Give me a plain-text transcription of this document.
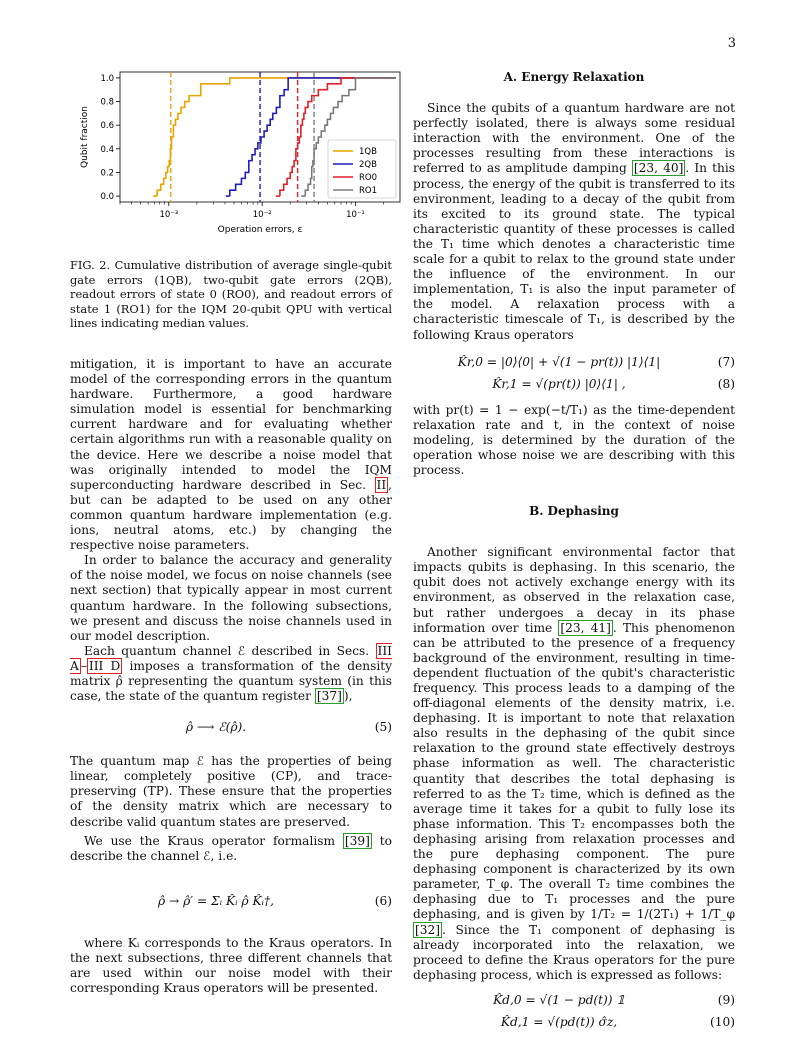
3
0.0
0.2
0.4
0.6
0.8
1.0
10⁻³	10⁻²	10⁻¹
Operation errors, ε
Qubit fraction	1QB
2QB
RO0
RO1
FIG. 2. Cumulative distribution of average single-qubit gate errors (1QB), two-qubit gate errors (2QB), readout errors of state 0 (RO0), and readout errors of state 1 (RO1) for the IQM 20-qubit QPU with vertical lines indicating median values.

mitigation, it is important to have an accurate model of the corresponding errors in the quantum hardware. Furthermore, a good hardware simulation model is essential for benchmarking current hardware and for evaluating whether certain algorithms run with a reasonable quality on the device. Here we describe a noise model that was originally intended to model the IQM superconducting hardware described in Sec. II , but can be adapted to be used on any other common quantum hardware implementation (e.g. ions, neutral atoms, etc.) by changing the respective noise parameters.

In order to balance the accuracy and generality of the noise model, we focus on noise channels (see next section) that typically appear in most current quantum hardware. In the following subsections, we present and discuss the noise channels used in our model description.

Each quantum channel ℰ described in Secs. III A – III D imposes a transformation of the density matrix ρ̂ representing the quantum system (in this case, the state of the quantum register [37] ),

ρ̂ ⟶ ℰ(ρ̂).	(5)

The quantum map ℰ has the properties of being linear, completely positive (CP), and trace-preserving (TP). These ensure that the properties of the density matrix which are necessary to describe valid quantum states are preserved.

We use the Kraus operator formalism [39] to describe the channel ℰ, i.e.

ρ̂ → ρ̂′ = Σᵢ K̂ᵢ ρ̂ K̂ᵢ†,	(6)

where Kᵢ corresponds to the Kraus operators. In the next subsections, three different channels that are used within our noise model with their corresponding Kraus operators will be presented.

A. Energy Relaxation

Since the qubits of a quantum hardware are not perfectly isolated, there is always some residual interaction with the environment. One of the processes resulting from these interactions is referred to as amplitude damping [23, 40] . In this process, the energy of the qubit is transferred to its environment, leading to a decay of the qubit from its excited to its ground state. The typical characteristic quantity of these processes is called the T₁ time which denotes a characteristic time scale for a qubit to relax to the ground state under the influence of the environment. In our implementation, T₁ is also the input parameter of the model. A relaxation process with a characteristic timescale of T₁, is described by the following Kraus operators

K̂r,0 = |0⟩⟨0| + √(1 − pr(t)) |1⟩⟨1|	(7)
K̂r,1 = √(pr(t)) |0⟩⟨1| ,	(8)

with pr(t) = 1 − exp(−t/T₁) as the time-dependent relaxation rate and t, in the context of noise modeling, is determined by the duration of the operation whose noise we are describing with this process.

B. Dephasing

Another significant environmental factor that impacts qubits is dephasing. In this scenario, the qubit does not actively exchange energy with its environment, as observed in the relaxation case, but rather undergoes a decay in its phase information over time [23, 41] . This phenomenon can be attributed to the presence of a frequency background of the environment, resulting in time-dependent fluctuation of the qubit's characteristic frequency. This process leads to a damping of the off-diagonal elements of the density matrix, i.e. dephasing. It is important to note that relaxation also results in the dephasing of the qubit since relaxation to the ground state effectively destroys phase information as well. The characteristic quantity that describes the total dephasing is referred to as the T₂ time, which is defined as the average time it takes for a qubit to fully lose its phase information. This T₂ encompasses both the dephasing arising from relaxation processes and the pure dephasing component. The pure dephasing component is characterized by its own parameter, T_φ. The overall T₂ time combines the dephasing due to T₁ processes and the pure dephasing, and is given by 1/T₂ = 1/(2T₁) + 1/T_φ [32] . Since the T₁ component of dephasing is already incorporated into the relaxation, we proceed to define the Kraus operators for the pure dephasing process, which is expressed as follows:

K̂d,0 = √(1 − pd(t)) 𝟙	(9)
K̂d,1 = √(pd(t)) σ̂z,	(10)
